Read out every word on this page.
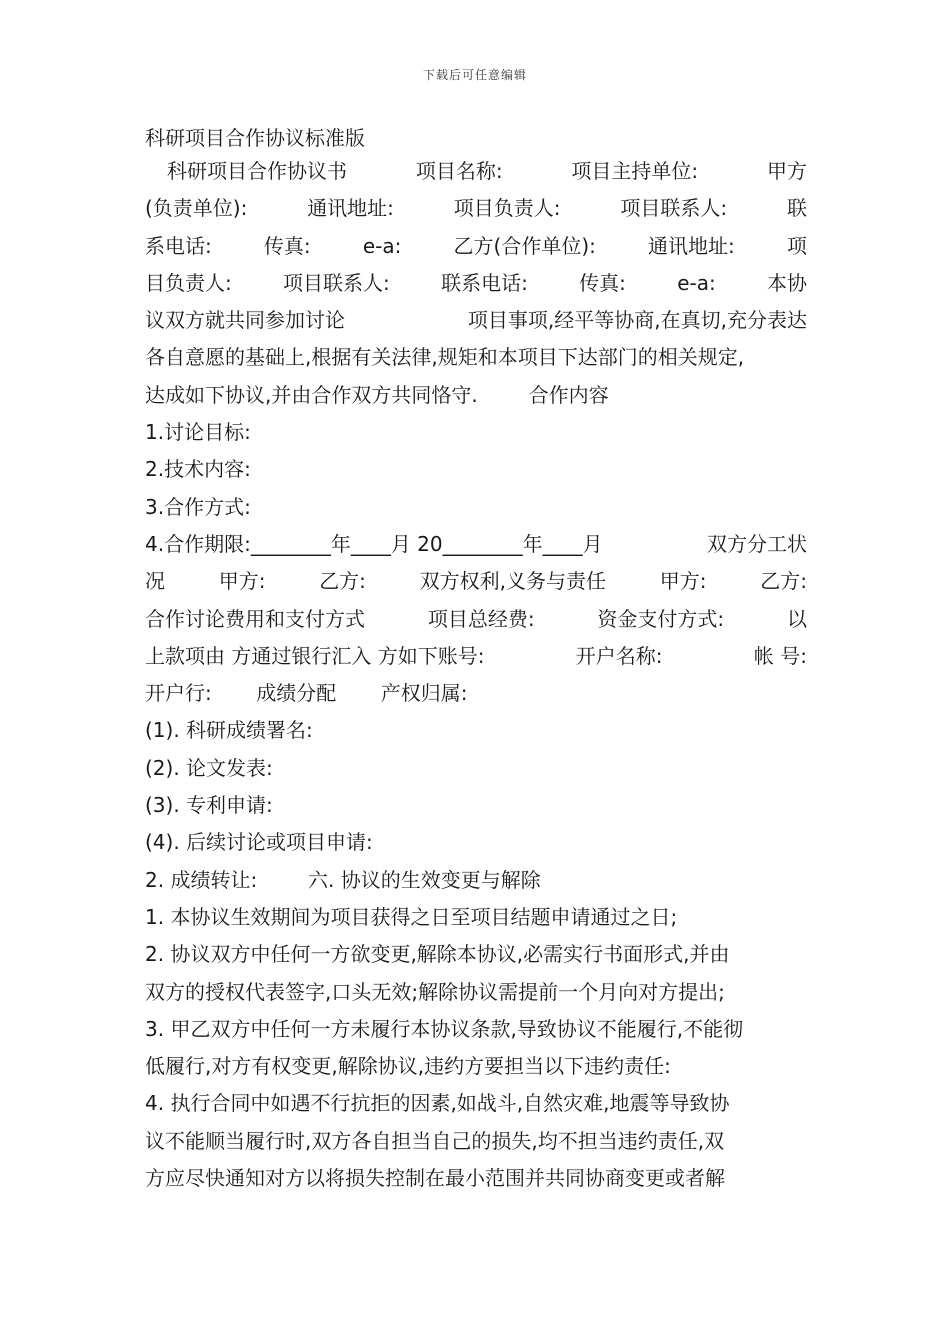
下载后可任意编辑
科研项目合作协议标准版
科研项目合作协议书	项目名称:	项目主持单位:	甲方
(负责单位):	通讯地址:	项目负责人:	项目联系人:	联
系电话:	传真:	e-a:	乙方(合作单位):	通讯地址:	项
目负责人:	项目联系人:	联系电话:	传真:	e-a:	本协
议双方就共同参加讨论	项目事项,经平等协商,在真切,充分表达
各自意愿的基础上,根据有关法律,规矩和本项目下达部门的相关规定,
达成如下协议,并由合作双方共同恪守. 合作内容
1.讨论目标:
2.技术内容:
3.合作方式:
4.合作期限:________年____月 20________年____月	双方分工状
况	甲方:	乙方:	双方权利,义务与责任	甲方:	乙方:
合作讨论费用和支付方式	项目总经费:	资金支付方式:	以
上款项由 方通过银行汇入 方如下账号:	开户名称:	帐 号:
开户行: 成绩分配 产权归属:
(1). 科研成绩署名:
(2). 论文发表:
(3). 专利申请:
(4). 后续讨论或项目申请:
2. 成绩转让: 六. 协议的生效变更与解除
1. 本协议生效期间为项目获得之日至项目结题申请通过之日;
2. 协议双方中任何一方欲变更,解除本协议,必需实行书面形式,并由
双方的授权代表签字,口头无效;解除协议需提前一个月向对方提出;
3. 甲乙双方中任何一方未履行本协议条款,导致协议不能履行,不能彻
低履行,对方有权变更,解除协议,违约方要担当以下违约责任:
4. 执行合同中如遇不行抗拒的因素,如战斗,自然灾难,地震等导致协
议不能顺当履行时,双方各自担当自己的损失,均不担当违约责任,双
方应尽快通知对方以将损失控制在最小范围并共同协商变更或者解
